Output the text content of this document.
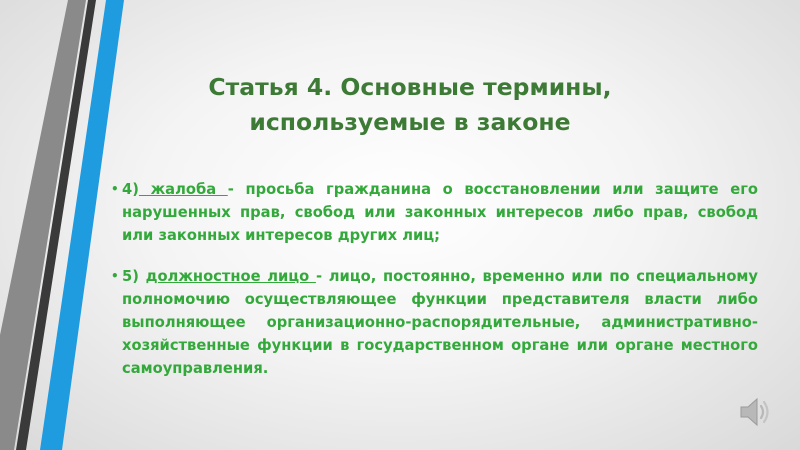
Статья 4. Основные термины,
используемые в законе

• 4) жалоба - просьба гражданина о восстановлении или защите его нарушенных прав, свобод или законных интересов либо прав, свобод или законных интересов других лиц;

• 5) должностное лицо - лицо, постоянно, временно или по специальному полномочию осуществляющее функции представителя власти либо выполняющее организационно-распорядительные, административно-хозяйственные функции в государственном органе или органе местного самоуправления.
